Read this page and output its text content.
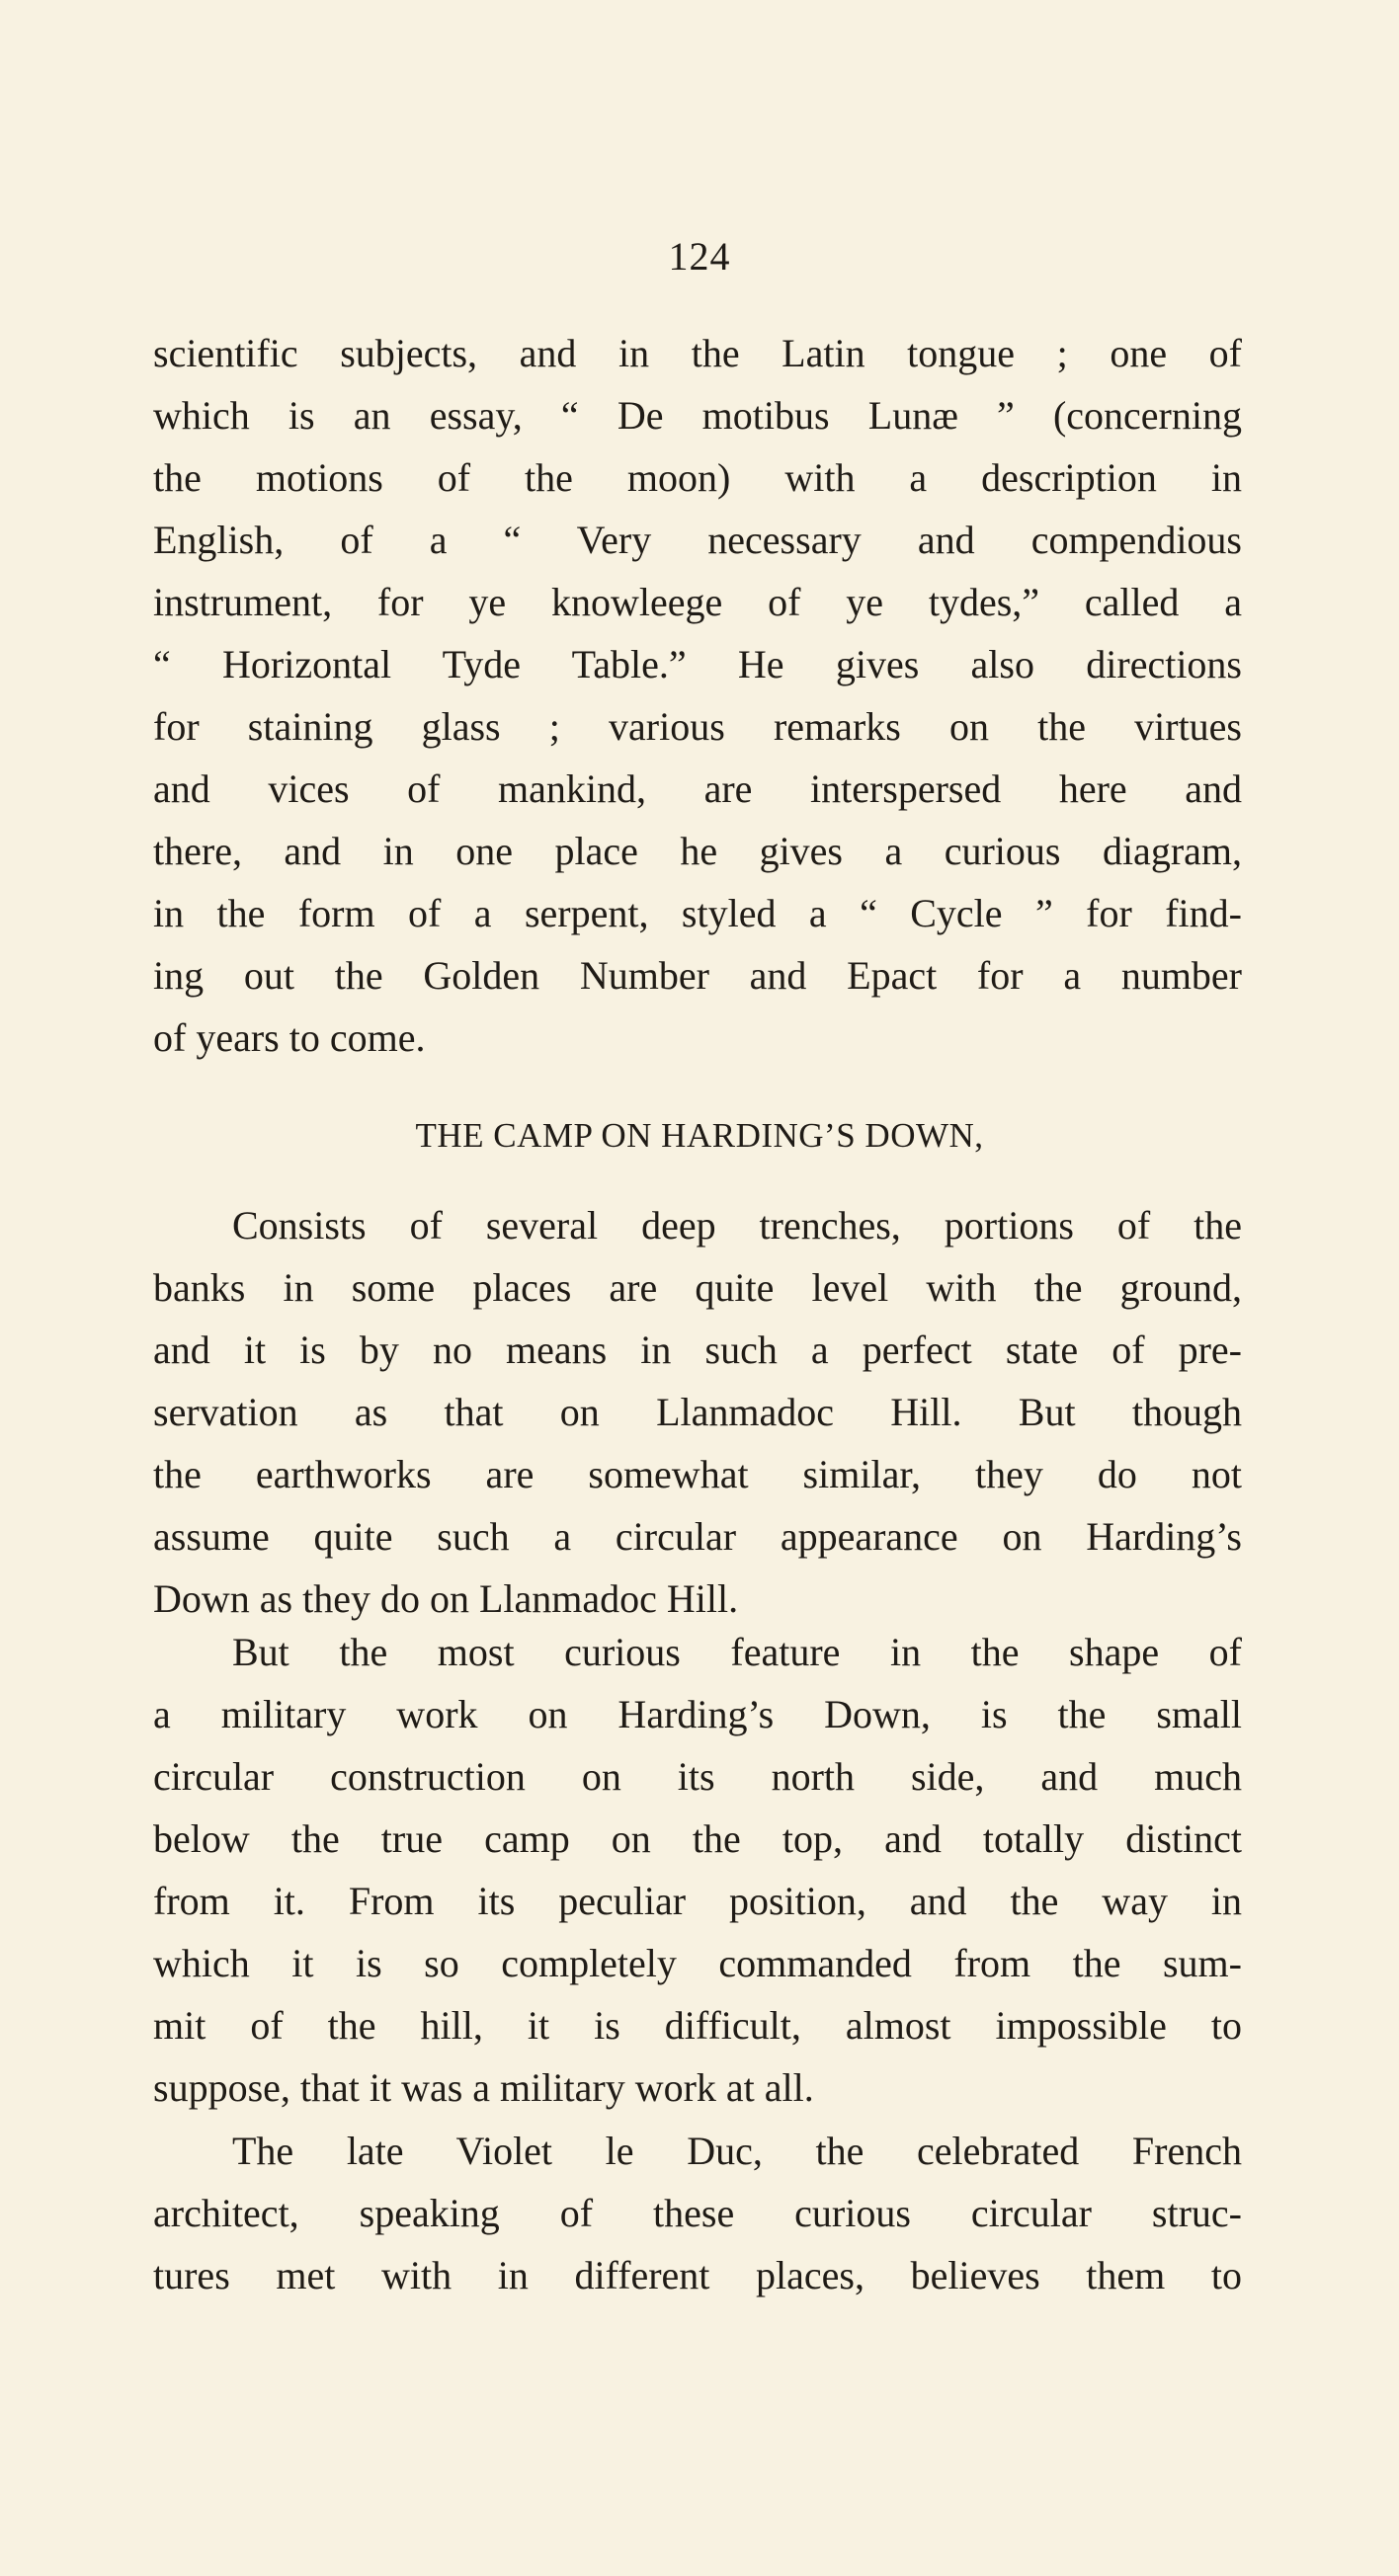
124
scientific subjects, and in the Latin tongue ; one of
which is an essay, “ De motibus Lunæ ” (concerning
the motions of the moon) with a description in
English, of a “ Very necessary and compendious
instrument, for ye knowleege of ye tydes,” called a
“ Horizontal Tyde Table.” He gives also directions
for staining glass ; various remarks on the virtues
and vices of mankind, are interspersed here and
there, and in one place he gives a curious diagram,
in the form of a serpent, styled a “ Cycle ” for find-
ing out the Golden Number and Epact for a number
of years to come.
THE CAMP ON HARDING’S DOWN,
Consists of several deep trenches, portions of the
banks in some places are quite level with the ground,
and it is by no means in such a perfect state of pre-
servation as that on Llanmadoc Hill. But though
the earthworks are somewhat similar, they do not
assume quite such a circular appearance on Harding’s
Down as they do on Llanmadoc Hill.
But the most curious feature in the shape of
a military work on Harding’s Down, is the small
circular construction on its north side, and much
below the true camp on the top, and totally distinct
from it. From its peculiar position, and the way in
which it is so completely commanded from the sum-
mit of the hill, it is difficult, almost impossible to
suppose, that it was a military work at all.
The late Violet le Duc, the celebrated French
architect, speaking of these curious circular struc-
tures met with in different places, believes them to
